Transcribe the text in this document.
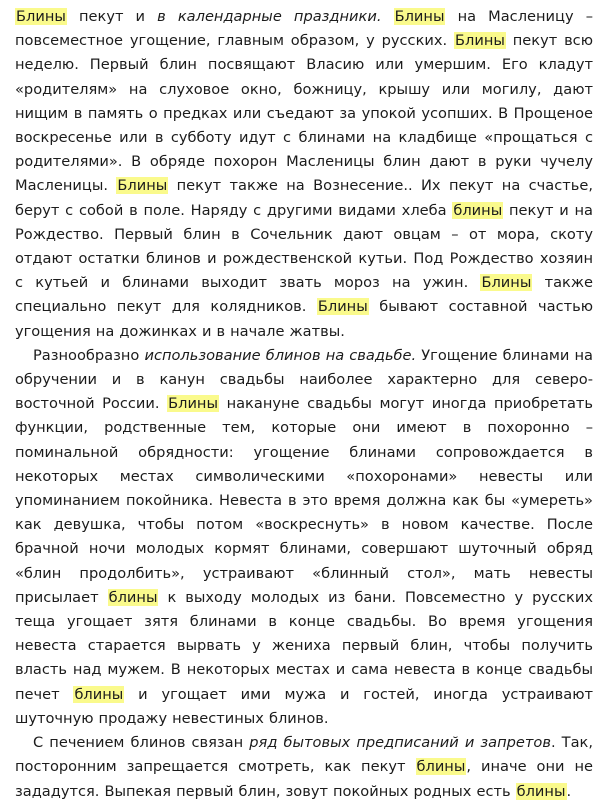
Блины пекут и в календарные праздники. Блины на Масленицу – повсеместное угощение, главным образом, у русских. Блины пекут всю неделю. Первый блин посвящают Власию или умершим. Его кладут «родителям» на слуховое окно, божницу, крышу или могилу, дают нищим в память о предках или съедают за упокой усопших. В Прощеное воскресенье или в субботу идут с блинами на кладбище «прощаться с родителями». В обряде похорон Масленицы блин дают в руки чучелу Масленицы. Блины пекут также на Вознесение.. Их пекут на счастье, берут с собой в поле. Наряду с другими видами хлеба блины пекут и на Рождество. Первый блин в Сочельник дают овцам – от мора, скоту отдают остатки блинов и рождественской кутьи. Под Рождество хозяин с кутьей и блинами выходит звать мороз на ужин. Блины также специально пекут для колядников. Блины бывают составной частью угощения на дожинках и в начале жатвы.

Разнообразно использование блинов на свадьбе. Угощение блинами на обручении и в канун свадьбы наиболее характерно для северо-восточной России. Блины накануне свадьбы могут иногда приобретать функции, родственные тем, которые они имеют в похоронно – поминальной обрядности: угощение блинами сопровождается в некоторых местах символическими «похоронами» невесты или упоминанием покойника. Невеста в это время должна как бы «умереть» как девушка, чтобы потом «воскреснуть» в новом качестве. После брачной ночи молодых кормят блинами, совершают шуточный обряд «блин продолбить», устраивают «блинный стол», мать невесты присылает блины к выходу молодых из бани. Повсеместно у русских теща угощает зятя блинами в конце свадьбы. Во время угощения невеста старается вырвать у жениха первый блин, чтобы получить власть над мужем. В некоторых местах и сама невеста в конце свадьбы печет блины и угощает ими мужа и гостей, иногда устраивают шуточную продажу невестиных блинов.

С печением блинов связан ряд бытовых предписаний и запретов. Так, посторонним запрещается смотреть, как пекут блины, иначе они не зададутся. Выпекая первый блин, зовут покойных родных есть блины.
